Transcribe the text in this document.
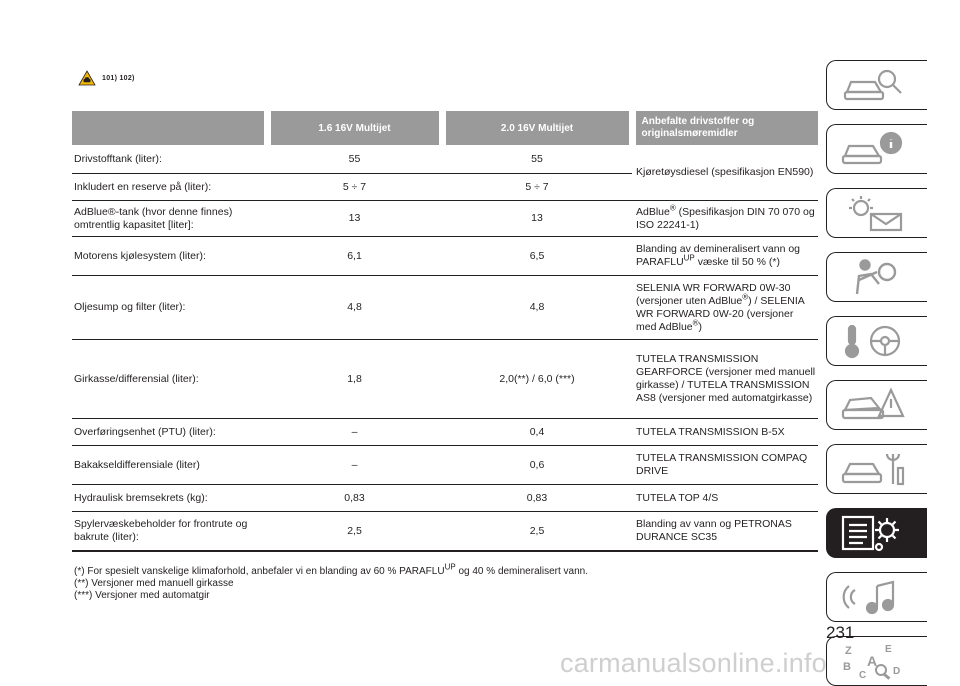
101) 102)
	1.6 16V Multijet	2.0 16V Multijet	Anbefalte drivstoffer og originalsmøremidler
Drivstofftank (liter):	55	55	Kjøretøysdiesel (spesifikasjon EN590)
Inkludert en reserve på (liter):	5 ÷ 7	5 ÷ 7	
AdBlue®-tank (hvor denne finnes) omtrentlig kapasitet [liter]:	13	13	AdBlue® (Spesifikasjon DIN 70 070 og ISO 22241-1)
Motorens kjølesystem (liter):	6,1	6,5	Blanding av demineralisert vann og $PARAFLU^{UP}$ væske til 50 % (*)
Oljesump og filter (liter):	4,8	4,8	SELENIA WR FORWARD 0W-30 (versjoner uten AdBlue®) / SELENIA WR FORWARD 0W-20 (versjoner med AdBlue®)
Girkasse/differensial (liter):	1,8	2,0(**) / 6,0 (***)	TUTELA TRANSMISSION GEARFORCE (versjoner med manuell girkasse) / TUTELA TRANSMISSION AS8 (versjoner med automatgirkasse)
Overføringsenhet (PTU) (liter):	–	0,4	TUTELA TRANSMISSION B-5X
Bakakseldifferensiale (liter)	–	0,6	TUTELA TRANSMISSION COMPAQ DRIVE
Hydraulisk bremsekrets (kg):	0,83	0,83	TUTELA TOP 4/S
Spylervæskebeholder for frontrute og bakrute (liter):	2,5	2,5	Blanding av vann og PETRONAS DURANCE SC35
(*) For spesielt vanskelige klimaforhold, anbefaler vi en blanding av 60 % $PARAFLU^{UP}$ og 40 % demineralisert vann.
(**) Versjoner med manuell girkasse
(***) Versjoner med automatgir
Z	E
B A
C	D
231
carmanualsonline.info
